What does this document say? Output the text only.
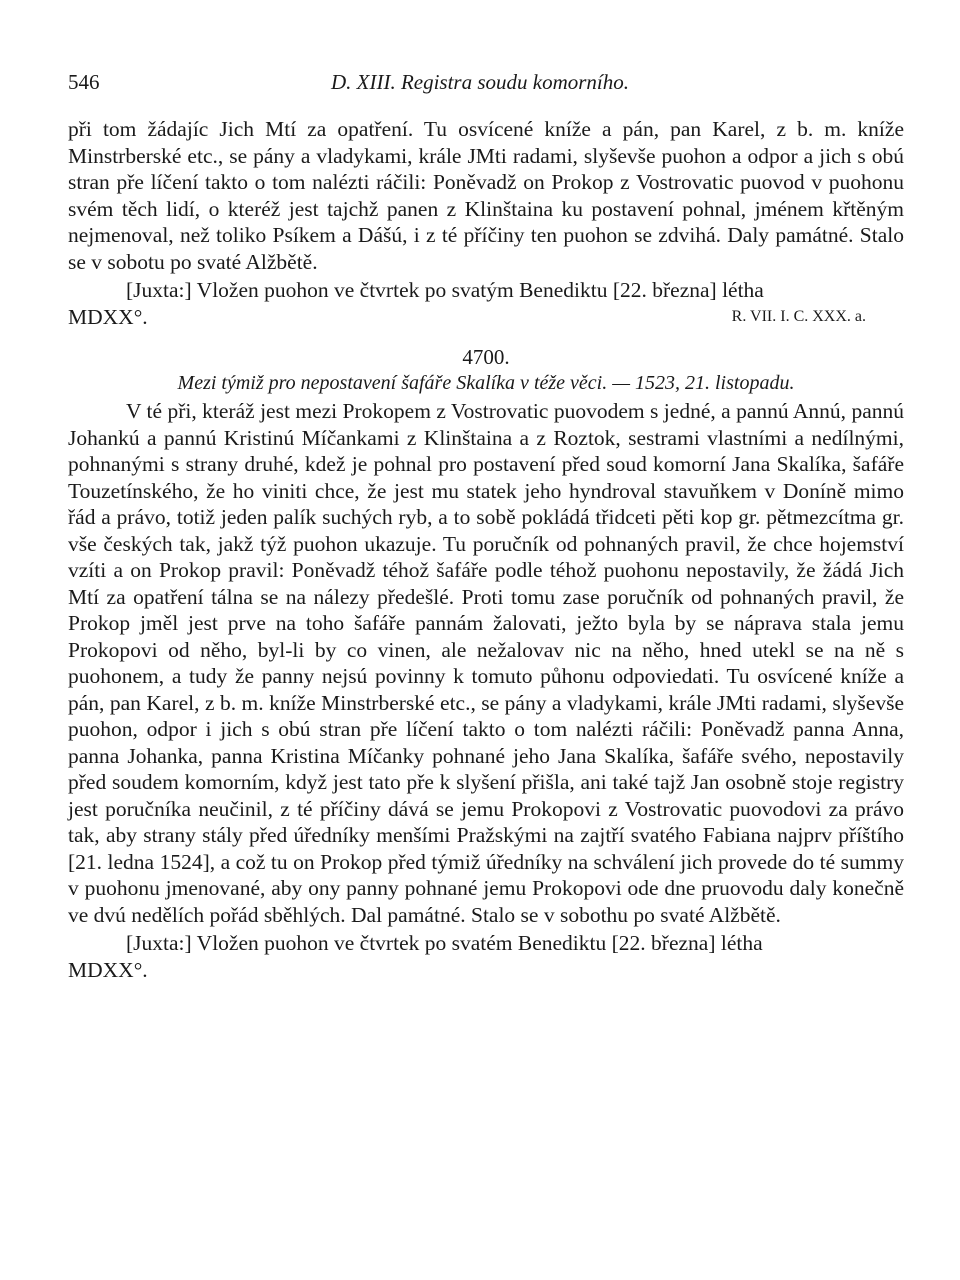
546	D. XIII. Registra soudu komorního.

při tom žádajíc Jich Mtí za opatření. Tu osvícené kníže a pán, pan Karel, z b. m. kníže Minstrberské etc., se pány a vladykami, krále JMti radami, slyševše puohon a odpor a jich s obú stran pře líčení takto o tom nalézti ráčili: Poněvadž on Prokop z Vostrovatic puovod v puohonu svém těch lidí, o kteréž jest tajchž panen z Klinštaina ku postavení pohnal, jménem křtěným nejmenoval, než toliko Psíkem a Dášú, i z té příčiny ten puohon se zdvihá. Daly památné. Stalo se v sobotu po svaté Alžbětě.

[Juxta:] Vložen puohon ve čtvrtek po svatým Benediktu [22. března] létha

MDXX°.	R. VII. I. C. XXX. a.

4700.
Mezi týmiž pro nepostavení šafáře Skalíka v téže věci. — 1523, 21. listopadu.

V té při, kteráž jest mezi Prokopem z Vostrovatic puovodem s jedné, a pannú Annú, pannú Johankú a pannú Kristinú Míčankami z Klinštaina a z Roztok, sestrami vlastními a nedílnými, pohnanými s strany druhé, kdež je pohnal pro postavení před soud komorní Jana Skalíka, šafáře Touzetínského, že ho viniti chce, že jest mu statek jeho hyndroval stavuňkem v Doníně mimo řád a právo, totiž jeden palík suchých ryb, a to sobě pokládá třidceti pěti kop gr. pětmezcítma gr. vše českých tak, jakž týž puohon ukazuje. Tu poručník od pohnaných pravil, že chce hojemství vzíti a on Prokop pravil: Poněvadž téhož šafáře podle téhož puohonu nepostavily, že žádá Jich Mtí za opatření tálna se na nálezy předešlé. Proti tomu zase poručník od pohnaných pravil, že Prokop jměl jest prve na toho šafáře pannám žalovati, ježto byla by se náprava stala jemu Prokopovi od něho, byl-li by co vinen, ale nežalovav nic na něho, hned utekl se na ně s puohonem, a tudy že panny nejsú povinny k tomuto půhonu odpoviedati. Tu osvícené kníže a pán, pan Karel, z b. m. kníže Minstrberské etc., se pány a vladykami, krále JMti radami, slyševše puohon, odpor i jich s obú stran pře líčení takto o tom nalézti ráčili: Poněvadž panna Anna, panna Johanka, panna Kristina Míčanky pohnané jeho Jana Skalíka, šafáře svého, nepostavily před soudem komorním, když jest tato pře k slyšení přišla, ani také tajž Jan osobně stoje registry jest poručníka neučinil, z té příčiny dává se jemu Prokopovi z Vostrovatic puovodovi za právo tak, aby strany stály před úředníky menšími Pražskými na zajtří svatého Fabiana najprv příštího [21. ledna 1524], a což tu on Prokop před týmiž úředníky na schválení jich provede do té summy v puohonu jmenované, aby ony panny pohnané jemu Prokopovi ode dne pruovodu daly konečně ve dvú nedělích pořád sběhlých. Dal památné. Stalo se v sobothu po svaté Alžbětě.

[Juxta:] Vložen puohon ve čtvrtek po svatém Benediktu [22. března] létha

MDXX°.
